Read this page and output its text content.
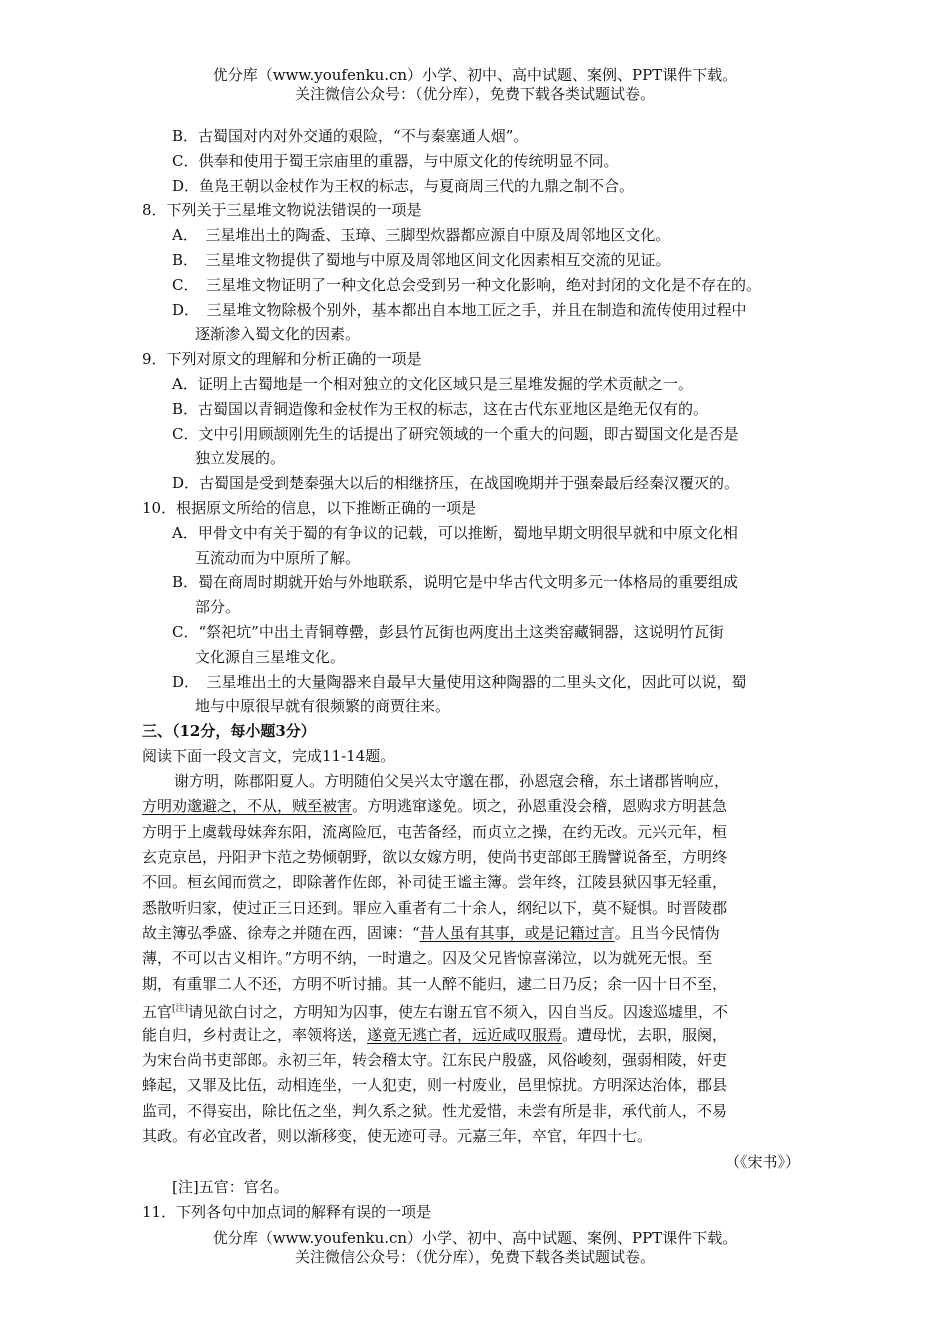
优分库（www.youfenku.cn）小学、初中、高中试题、案例、PPT课件下载。
关注微信公众号：（优分库），免费下载各类试题试卷。
B．古蜀国对内对外交通的艰险，“不与秦塞通人烟”。
C．供奉和使用于蜀王宗庙里的重器，与中原文化的传统明显不同。
D．鱼凫王朝以金杖作为王权的标志，与夏商周三代的九鼎之制不合。
8．下列关于三星堆文物说法错误的一项是
A．　三星堆出土的陶盉、玉璋、三脚型炊器都应源自中原及周邻地区文化。
B．　三星堆文物提供了蜀地与中原及周邻地区间文化因素相互交流的见证。
C．　三星堆文物证明了一种文化总会受到另一种文化影响，绝对封闭的文化是不存在的。
D．　三星堆文物除极个别外，基本都出自本地工匠之手，并且在制造和流传使用过程中
逐渐渗入蜀文化的因素。
9．下列对原文的理解和分析正确的一项是
A．证明上古蜀地是一个相对独立的文化区域只是三星堆发掘的学术贡献之一。
B．古蜀国以青铜造像和金杖作为王权的标志，这在古代东亚地区是绝无仅有的。
C．文中引用顾颉刚先生的话提出了研究领域的一个重大的问题，即古蜀国文化是否是
独立发展的。
D．古蜀国是受到楚秦强大以后的相继挤压，在战国晚期并于强秦最后经秦汉覆灭的。
10．根据原文所给的信息，以下推断正确的一项是
A．甲骨文中有关于蜀的有争议的记载，可以推断，蜀地早期文明很早就和中原文化相
互流动而为中原所了解。
B．蜀在商周时期就开始与外地联系，说明它是中华古代文明多元一体格局的重要组成
部分。
C．“祭祀坑”中出土青铜尊罍，彭县竹瓦街也两度出土这类窑藏铜器，这说明竹瓦街
文化源自三星堆文化。
D．　三星堆出土的大量陶器来自最早大量使用这种陶器的二里头文化，因此可以说，蜀
地与中原很早就有很频繁的商贾往来。
三、（12分，每小题3分）
阅读下面一段文言文，完成11-14题。
谢方明，陈郡阳夏人。方明随伯父吴兴太守邈在郡，孙恩寇会稽，东土诸郡皆响应，
方明劝邈避之，不从，贼至被害。方明逃窜遂免。顷之，孙恩重没会稽，恩购求方明甚急
方明于上虞载母妹奔东阳，流离险厄，屯苦备经，而贞立之操，在约无改。元兴元年，桓
玄克京邑，丹阳尹卞范之势倾朝野，欲以女嫁方明，使尚书吏部郎王腾譬说备至，方明终
不回。桓玄闻而赏之，即除著作佐郎，补司徒王谧主簿。尝年终，江陵县狱囚事无轻重，
悉散听归家，使过正三日还到。罪应入重者有二十余人，纲纪以下，莫不疑惧。时晋陵郡
故主簿弘季盛、徐寿之并随在西，固谏：“昔人虽有其事，或是记籍过言。且当今民情伪
薄，不可以古义相许。”方明不纳，一时遣之。囚及父兄皆惊喜涕泣，以为就死无恨。至
期，有重罪二人不还，方明不听讨捕。其一人醉不能归，逮二日乃反；余一囚十日不至，
五官[注]请见欲白讨之，方明知为囚事，使左右谢五官不须入，囚自当反。囚逡巡墟里，不
能自归，乡村责让之，率领将送，遂竟无逃亡者，远近咸叹服焉。遭母忧，去职，服阕，
为宋台尚书吏部郎。永初三年，转会稽太守。江东民户殷盛，风俗峻刻，强弱相陵，奸吏
蜂起，又罪及比伍，动相连坐，一人犯吏，则一村废业，邑里惊扰。方明深达治体，郡县
监司，不得妄出，除比伍之坐，判久系之狱。性尤爱惜，未尝有所是非，承代前人，不易
其政。有必宜改者，则以渐移变，使无迹可寻。元嘉三年，卒官，年四十七。
（《宋书》）
[注]五官：官名。
11．下列各句中加点词的解释有误的一项是
优分库（www.youfenku.cn）小学、初中、高中试题、案例、PPT课件下载。
关注微信公众号：（优分库），免费下载各类试题试卷。
